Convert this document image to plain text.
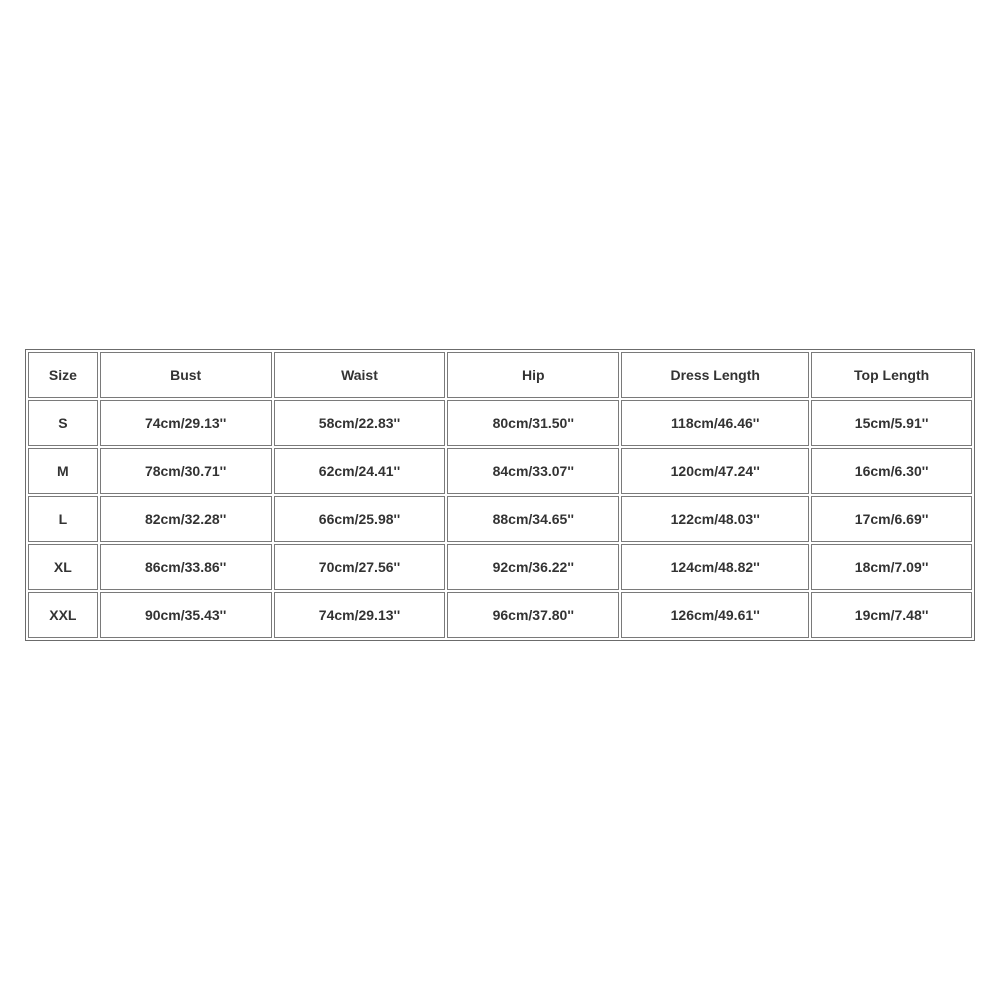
Size	Bust	Waist	Hip	Dress Length	Top Length
S	74cm/29.13''	58cm/22.83''	80cm/31.50''	118cm/46.46''	15cm/5.91''
M	78cm/30.71''	62cm/24.41''	84cm/33.07''	120cm/47.24''	16cm/6.30''
L	82cm/32.28''	66cm/25.98''	88cm/34.65''	122cm/48.03''	17cm/6.69''
XL	86cm/33.86''	70cm/27.56''	92cm/36.22''	124cm/48.82''	18cm/7.09''
XXL	90cm/35.43''	74cm/29.13''	96cm/37.80''	126cm/49.61''	19cm/7.48''
